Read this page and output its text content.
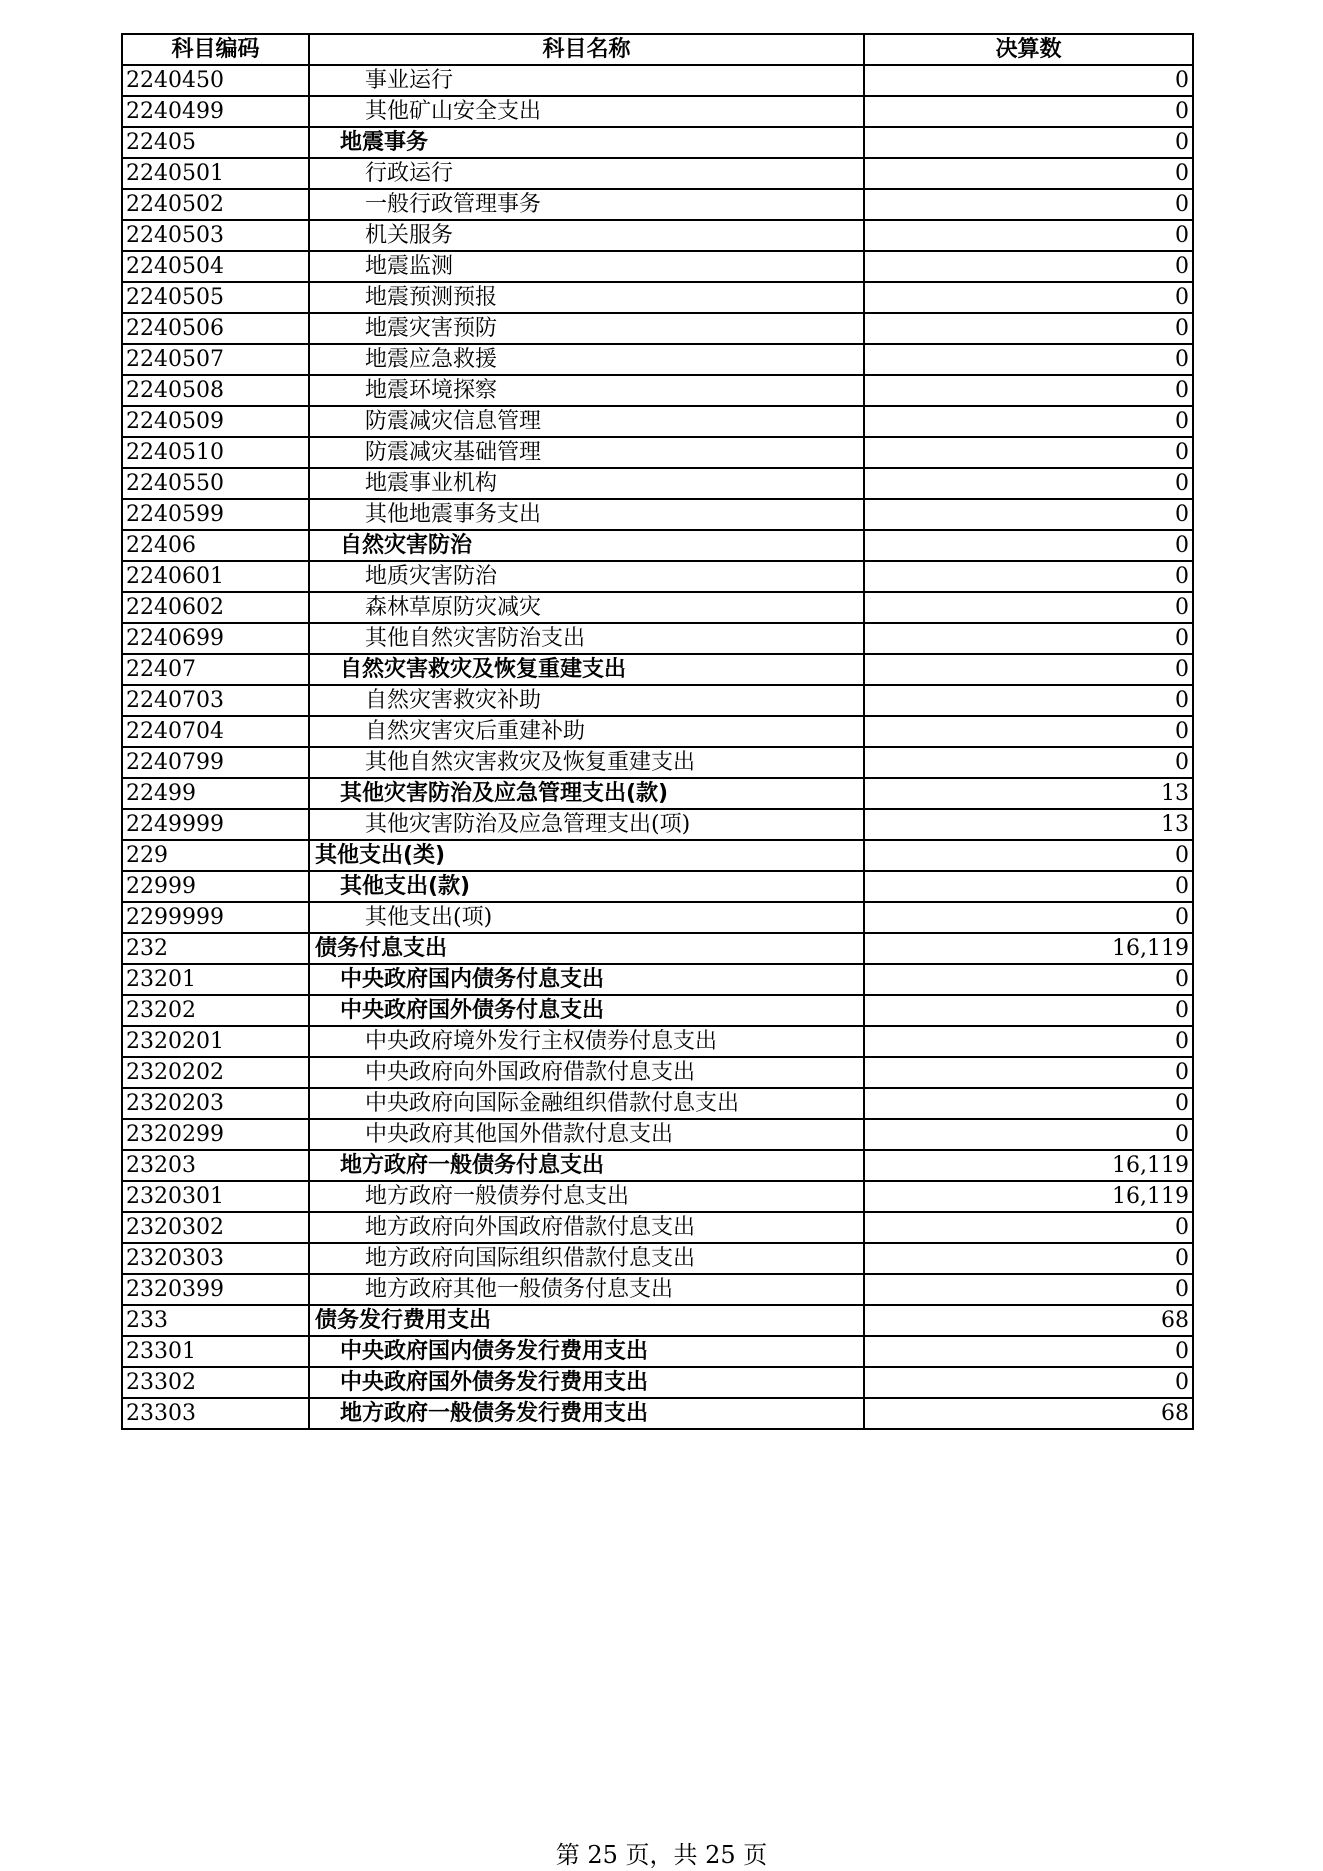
科目编码	科目名称	决算数
2240450	事业运行	0
2240499	其他矿山安全支出	0
22405	地震事务	0
2240501	行政运行	0
2240502	一般行政管理事务	0
2240503	机关服务	0
2240504	地震监测	0
2240505	地震预测预报	0
2240506	地震灾害预防	0
2240507	地震应急救援	0
2240508	地震环境探察	0
2240509	防震减灾信息管理	0
2240510	防震减灾基础管理	0
2240550	地震事业机构	0
2240599	其他地震事务支出	0
22406	自然灾害防治	0
2240601	地质灾害防治	0
2240602	森林草原防灾减灾	0
2240699	其他自然灾害防治支出	0
22407	自然灾害救灾及恢复重建支出	0
2240703	自然灾害救灾补助	0
2240704	自然灾害灾后重建补助	0
2240799	其他自然灾害救灾及恢复重建支出	0
22499	其他灾害防治及应急管理支出(款)	13
2249999	其他灾害防治及应急管理支出(项)	13
229	其他支出(类)	0
22999	其他支出(款)	0
2299999	其他支出(项)	0
232	债务付息支出	16,119
23201	中央政府国内债务付息支出	0
23202	中央政府国外债务付息支出	0
2320201	中央政府境外发行主权债券付息支出	0
2320202	中央政府向外国政府借款付息支出	0
2320203	中央政府向国际金融组织借款付息支出	0
2320299	中央政府其他国外借款付息支出	0
23203	地方政府一般债务付息支出	16,119
2320301	地方政府一般债券付息支出	16,119
2320302	地方政府向外国政府借款付息支出	0
2320303	地方政府向国际组织借款付息支出	0
2320399	地方政府其他一般债务付息支出	0
233	债务发行费用支出	68
23301	中央政府国内债务发行费用支出	0
23302	中央政府国外债务发行费用支出	0
23303	地方政府一般债务发行费用支出	68
第 25 页，共 25 页
